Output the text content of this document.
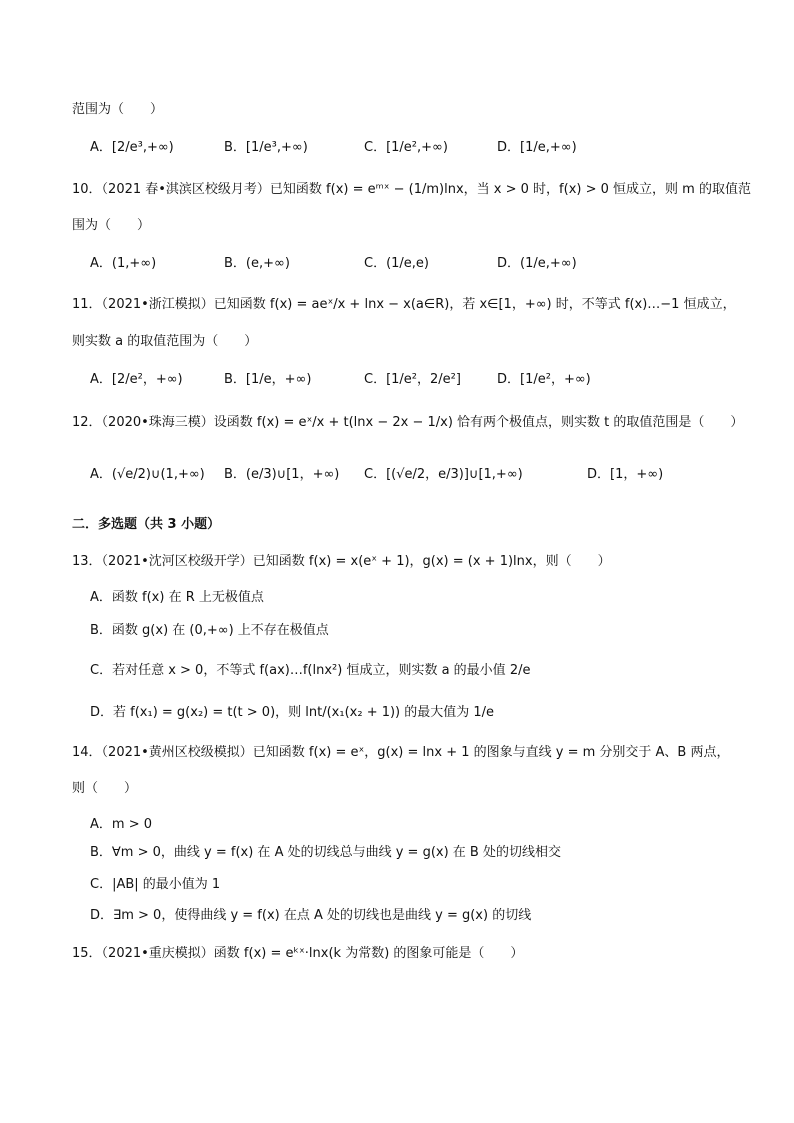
范围为（　　）
A．[2/e³,+∞)	B．[1/e³,+∞)	C．[1/e²,+∞)	D．[1/e,+∞)
10．（2021 春•淇滨区校级月考）已知函数 f(x) = eᵐˣ − (1/m)lnx，当 x > 0 时，f(x) > 0 恒成立，则 m 的取值范
围为（　　）
A．(1,+∞)	B．(e,+∞)	C．(1/e,e)	D．(1/e,+∞)
11．（2021•浙江模拟）已知函数 f(x) = aeˣ/x + lnx − x(a∈R)，若 x∈[1，+∞) 时，不等式 f(x)…−1 恒成立，
则实数 a 的取值范围为（　　）
A．[2/e²，+∞)	B．[1/e，+∞)	C．[1/e²，2/e²]	D．[1/e²，+∞)
12．（2020•珠海三模）设函数 f(x) = eˣ/x + t(lnx − 2x − 1/x) 恰有两个极值点，则实数 t 的取值范围是（　　）
A．(√e/2)∪(1,+∞) B．(e/3)∪[1，+∞) C．[(√e/2，e/3)]∪[1,+∞)	D．[1，+∞)
二．多选题（共 3 小题）
13．（2021•沈河区校级开学）已知函数 f(x) = x(eˣ + 1)，g(x) = (x + 1)lnx，则（　　）
A．函数 f(x) 在 R 上无极值点
B．函数 g(x) 在 (0,+∞) 上不存在极值点
C．若对任意 x > 0，不等式 f(ax)…f(lnx²) 恒成立，则实数 a 的最小值 2/e
D．若 f(x₁) = g(x₂) = t(t > 0)，则 lnt/(x₁(x₂ + 1)) 的最大值为 1/e
14．（2021•黄州区校级模拟）已知函数 f(x) = eˣ，g(x) = lnx + 1 的图象与直线 y = m 分别交于 A、B 两点，
则（　　）
A．m > 0
B．∀m > 0，曲线 y = f(x) 在 A 处的切线总与曲线 y = g(x) 在 B 处的切线相交
C．|AB| 的最小值为 1
D．∃m > 0，使得曲线 y = f(x) 在点 A 处的切线也是曲线 y = g(x) 的切线
15．（2021•重庆模拟）函数 f(x) = eᵏˣ·lnx(k 为常数) 的图象可能是（　　）
